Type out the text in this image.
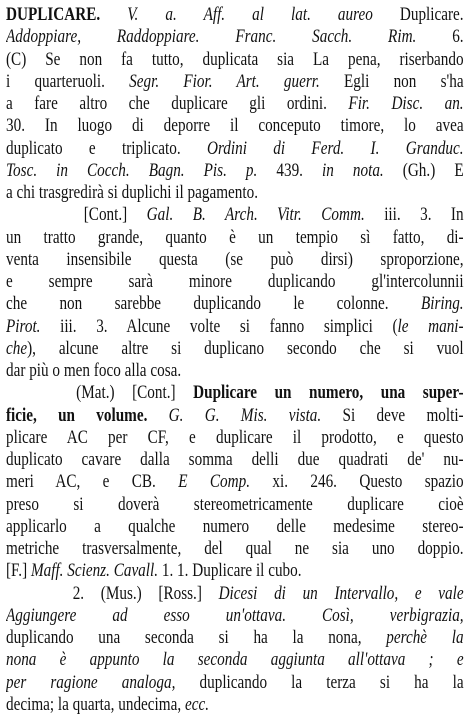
DUPLICARE. V. a. Aff. al lat. aureo Duplicare.
Addoppiare, Raddoppiare. Franc. Sacch. Rim. 6.
(C) Se non fa tutto, duplicata sia La pena, riserbando
i quarteruoli. Segr. Fior. Art. guerr. Egli non s'ha
a fare altro che duplicare gli ordini. Fir. Disc. an.
30. In luogo di deporre il conceputo timore, lo avea
duplicato e triplicato. Ordini di Ferd. I. Granduc.
Tosc. in Cocch. Bagn. Pis. p. 439. in nota. (Gh.) E
a chi trasgredirà si duplichi il pagamento.
[Cont.] Gal. B. Arch. Vitr. Comm. iii. 3. In
un tratto grande, quanto è un tempio sì fatto, di-
venta insensibile questa (se può dirsi) sproporzione,
e sempre sarà minore duplicando gl'intercolunnii
che non sarebbe duplicando le colonne. Biring.
Pirot. iii. 3. Alcune volte si fanno simplici (le mani-
che), alcune altre si duplicano secondo che si vuol
dar più o men foco alla cosa.
(Mat.) [Cont.] Duplicare un numero, una super-
ficie, un volume. G. G. Mis. vista. Si deve molti-
plicare AC per CF, e duplicare il prodotto, e questo
duplicato cavare dalla somma delli due quadrati de' nu-
meri AC, e CB. E Comp. xi. 246. Questo spazio
preso si doverà stereometricamente duplicare cioè
applicarlo a qualche numero delle medesime stereo-
metriche trasversalmente, del qual ne sia uno doppio.
[F.] Maff. Scienz. Cavall. 1. 1. Duplicare il cubo.
2. (Mus.) [Ross.] Dicesi di un Intervallo, e vale
Aggiungere ad esso un'ottava. Così, verbigrazia,
duplicando una seconda si ha la nona, perchè la
nona è appunto la seconda aggiunta all'ottava ; e
per ragione analoga, duplicando la terza si ha la
decima; la quarta, undecima, ecc.
